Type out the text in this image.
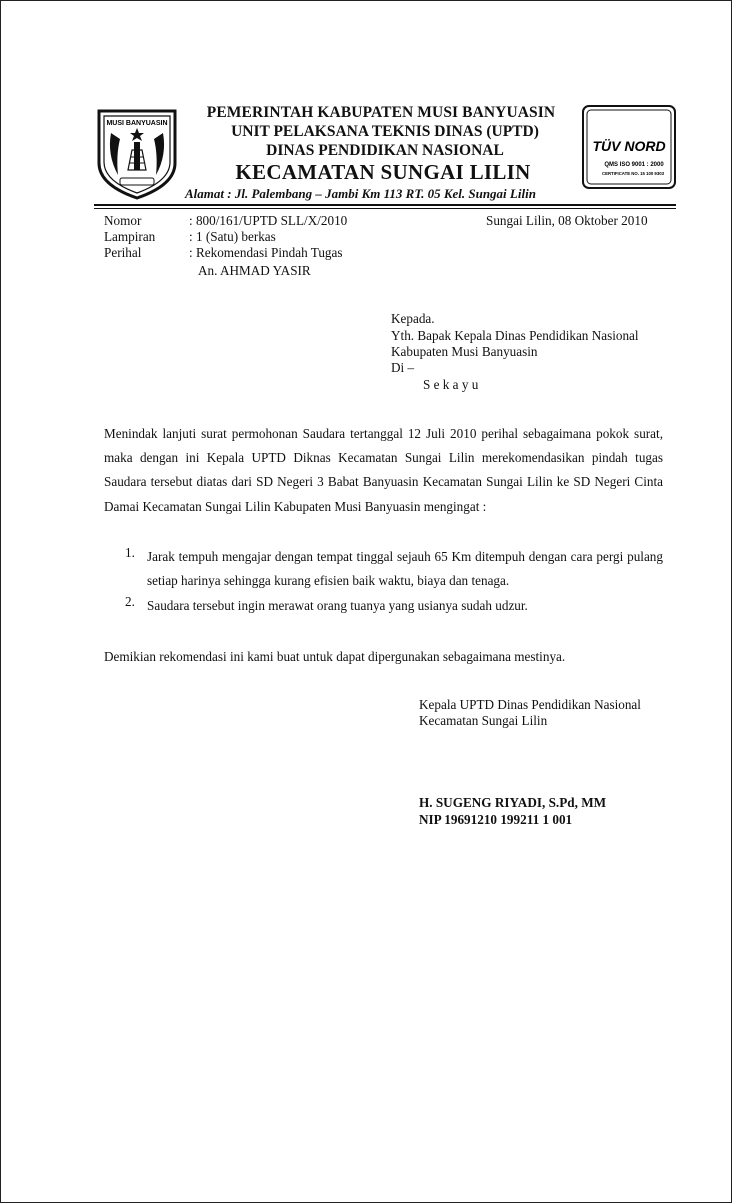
MUSI BANYUASIN
PEMERINTAH KABUPATEN MUSI BANYUASIN
UNIT PELAKSANA TEKNIS DINAS (UPTD)
DINAS PENDIDIKAN NASIONAL
KECAMATAN SUNGAI LILIN
Alamat : Jl. Palembang – Jambi Km 113 RT. 05 Kel. Sungai Lilin
TÜV NORD
QMS ISO 9001 : 2000
CERTIFICATE NO. 15 100 9303
Nomor	: 800/161/UPTD SLL/X/2010	Sungai Lilin, 08 Oktober 2010
Lampiran	: 1 (Satu) berkas
Perihal	: Rekomendasi Pindah Tugas
An. AHMAD YASIR
Kepada.
Yth. Bapak Kepala Dinas Pendidikan Nasional
Kabupaten Musi Banyuasin
Di –
S e k a y u
Menindak lanjuti surat permohonan Saudara tertanggal 12 Juli 2010 perihal sebagaimana pokok surat, maka dengan ini Kepala UPTD Diknas Kecamatan Sungai Lilin merekomendasikan pindah tugas Saudara tersebut diatas dari SD Negeri 3 Babat Banyuasin Kecamatan Sungai Lilin ke SD Negeri Cinta Damai Kecamatan Sungai Lilin Kabupaten Musi Banyuasin mengingat :
1. Jarak tempuh mengajar dengan tempat tinggal sejauh 65 Km ditempuh dengan cara pergi pulang setiap harinya sehingga kurang efisien baik waktu, biaya dan tenaga.
2. Saudara tersebut ingin merawat orang tuanya yang usianya sudah udzur.
Demikian rekomendasi ini kami buat untuk dapat dipergunakan sebagaimana mestinya.
Kepala UPTD Dinas Pendidikan Nasional
Kecamatan Sungai Lilin
H. SUGENG RIYADI, S.Pd, MM
NIP 19691210 199211 1 001
